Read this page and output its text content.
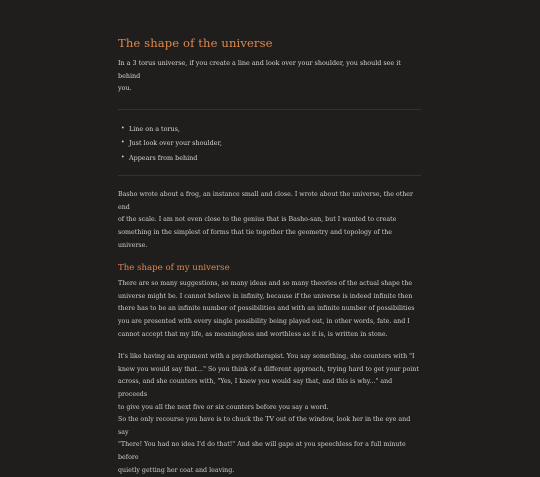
The shape of the universe

In a 3 torus universe, if you create a line and look over your shoulder, you should see it behind
you.

• Line on a torus,
• Just look over your shoulder,
• Appears from behind

Basho wrote about a frog, an instance small and close. I wrote about the universe, the other end
of the scale. I am not even close to the genius that is Basho-san, but I wanted to create
something in the simplest of forms that tie together the geometry and topology of the universe.

The shape of my universe

There are so many suggestions, so many ideas and so many theories of the actual shape the
universe might be. I cannot believe in infinity, because if the universe is indeed infinite then
there has to be an infinite number of possibilities and with an infinite number of possibilities
you are presented with every single possibility being played out, in other words, fate. and I
cannot accept that my life, as meaningless and worthless as it is, is written in stone.

It's like having an argument with a psychotherapist. You say something, she counters with "I
knew you would say that..." So you think of a different approach, trying hard to get your point
across, and she counters with, "Yes, I knew you would say that, and this is why..." and proceeds
to give you all the next five or six counters before you say a word.
So the only recourse you have is to chuck the TV out of the window, look her in the eye and say
"There! You had no idea I'd do that!" And she will gape at you speechless for a full minute before
quietly getting her coat and leaving.
